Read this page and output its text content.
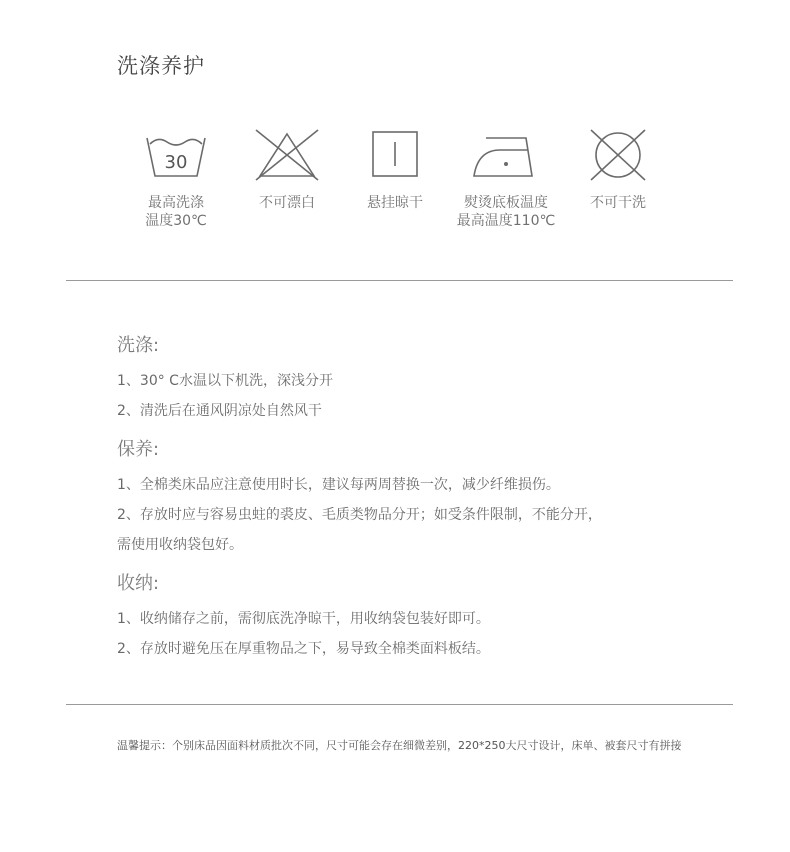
洗涤养护
30
最高洗涤
温度30℃
不可漂白	悬挂晾干	熨烫底板温度
最高温度110℃
不可干洗
洗涤:

1、30° C水温以下机洗，深浅分开

2、清洗后在通风阴凉处自然风干

保养:

1、全棉类床品应注意使用时长，建议每两周替换一次，减少纤维损伤。

2、存放时应与容易虫蛀的裘皮、毛质类物品分开；如受条件限制，不能分开，

需使用收纳袋包好。

收纳:

1、收纳储存之前，需彻底洗净晾干，用收纳袋包装好即可。

2、存放时避免压在厚重物品之下，易导致全棉类面料板结。

温馨提示：个别床品因面料材质批次不同，尺寸可能会存在细微差别，220*250大尺寸设计，床单、被套尺寸有拼接
